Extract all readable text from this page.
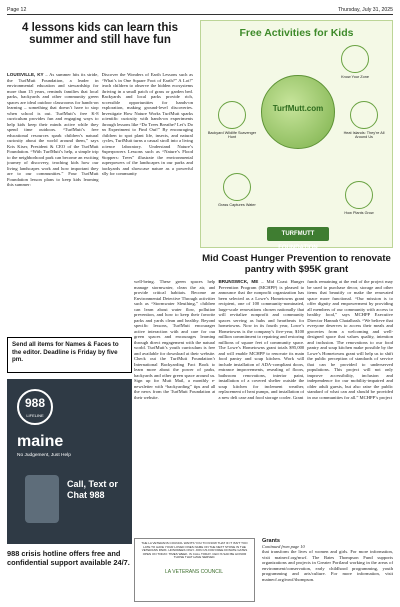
Page 12	Thursday, July 31, 2025
4 lessons kids can learn this summer and still have fun
LOUISVILLE, KY – As summer hits its stride, the TurfMutt Foundation, a leader in environmental education and stewardship for more than 15 years, reminds families that local parks, backyards and other community green spaces are ideal outdoor classrooms for hands-on learning – something that doesn’t have to stop when school is out. TurfMutt’s free K-8 curriculum provides fun and engaging ways to help kids keep their minds active while they spend time outdoors. “TurfMutt’s free educational resources spark children’s natural curiosity about the world around them,” says Kris Kiser, President & CEO of the TurfMutt Foundation. “With TurfMutt’s help, a simple trip to the neighborhood park can become an exciting journey of discovery, teaching kids how our living landscapes work and how important they are to our communities.” Four TurfMutt Foundation lesson plans to keep kids learning this summer:
Discover the Wonders of Earth Lessons such as “What’s in One Square Foot of Earth?” A Lot!” teach children to observe the hidden ecosystems thriving in a small patch of grass or garden bed. Backyards and local parks provide rich, accessible opportunities for hands-on exploration, making ground-level discoveries. Investigate How Nature Works TurfMutt sparks scientific curiosity with hands-on experiments through lessons like “Do Trees Breathe? Let’s Do an Experiment to Find Out!” By encouraging children to spot plant life, insects, and natural cycles, TurfMutt turns a casual stroll into a living science laboratory. Understand Nature’s Superpowers Lessons such as “Nature’s Flood Stoppers: Trees” illustrate the environmental superpowers of the landscapes in our parks and backyards and showcase nature as a powerful ally for community
Free Activities for Kids
Know Your Zone
Backyard Wildlife Scavenger Hunt
Heat Islands: They’re All Around Us
Grass Captures Water
How Plants Grow
TurfMutt.com
TURFMUTT FOUNDATION
Mid Coast Hunger Prevention to renovate pantry with $95K grant
well-being. These green spaces help manage stormwater, clean the air, and provide critical habitats. Become an Environmental Detective Through activities such as “Stormwater Sleuthing,” children can learn about water flow, pollution prevention, and how to keep their favorite parks and yards clean and healthy. Beyond specific lessons, TurfMutt encourages active interaction with and care for our green spaces and encourages learning through direct engagement with the natural world. TurfMutt’s youth curriculum is free and available for download at their website. Check out the TurfMutt Foundation’s International Backyarding Fact Book to learn more about the power of parks, backyards and other green space around us. Sign up for Mutt Mail, a monthly e-newsletter with “backyarding” tips and all the news from the TurfMutt Foundation at their website.
BRUNSWICK, ME – Mid Coast Hunger Prevention Program (MCHPP) is pleased to announce that the nonprofit organization has been selected as a Lowe’s Hometowns grant recipient, one of 100 community-nominated, large-scale renovations chosen nationally that will revitalize nonprofit and community spaces serving as hubs and heartbeats for hometowns. Now in its fourth year, Lowe’s Hometowns is the company’s five-year, $100 million commitment to repairing and restoring millions of square feet of community space. The Lowe’s Hometowns grant totals $95,000 and will enable MCHPP to renovate its main food pantry and soup kitchen. Work will include installation of ADA-compliant doors, entrance improvements, resealing of floors, bathroom renovations, interior paint, installation of a covered shelter outside the soup kitchen for inclement weather, replacement of heat pumps, and installation of a new deli case and food storage cooler. Grant
funds remaining at the end of the project may be used to purchase decor, storage and other items that beautify or make the renovated space more functional. “Our mission is to offer dignity and empowerment by providing all members of our community with access to healthy food,” says MCHPP Executive Director Hannah Chatalbash. “We believe that everyone deserves to access their meals and groceries from a welcoming and well-designed space that values quality, intention and inclusion. The renovations to our food pantry and soup kitchen make possible by the Lowe’s Hometowns grant will help us to shift the public perception of standards of service that can be provided to underserved populations. This project will not only improve accessibility, inclusion and independence for our mobility-impaired and older adult guests, but also raise the public standard of what can and should be provided in our communities for all.” MCHPP’s project
Send all items for Names & Faces to the editor. Deadline is Friday by five pm.
988
LIFELINE
maine
No Judgement, Just Help
Call, Text or Chat 988
THE LA VETERANS COUNCIL WANTS YOU TO KNOW THAT IF IT ISN’T TOO LATE TO HAVE YOUR LOVED ONES NAME ON THE NEXT STONE IN THE VETERANS PARK. HONOREES ONLY. JOIN US FOR FREE DONATE GATES OPEN ON TODAY. TIMES WEEK. IS CALL TODAY. CEO IS SAD BE HONOR THOSE THAT HAVE SERVED.
LA VETERANS COUNCIL
Grants
Continued from page 10
that transform the lives of women and girls. For more information, visit mainecf.org/mwf. The Bates Thompson Fund supports organizations and projects in Greater Portland working in the areas of environment/conservation, early childhood programming, youth programming and arts/culture. For more information, visit mainecf.org/mwf/thompson.
988 crisis hotline offers free and confidential support available 24/7.
